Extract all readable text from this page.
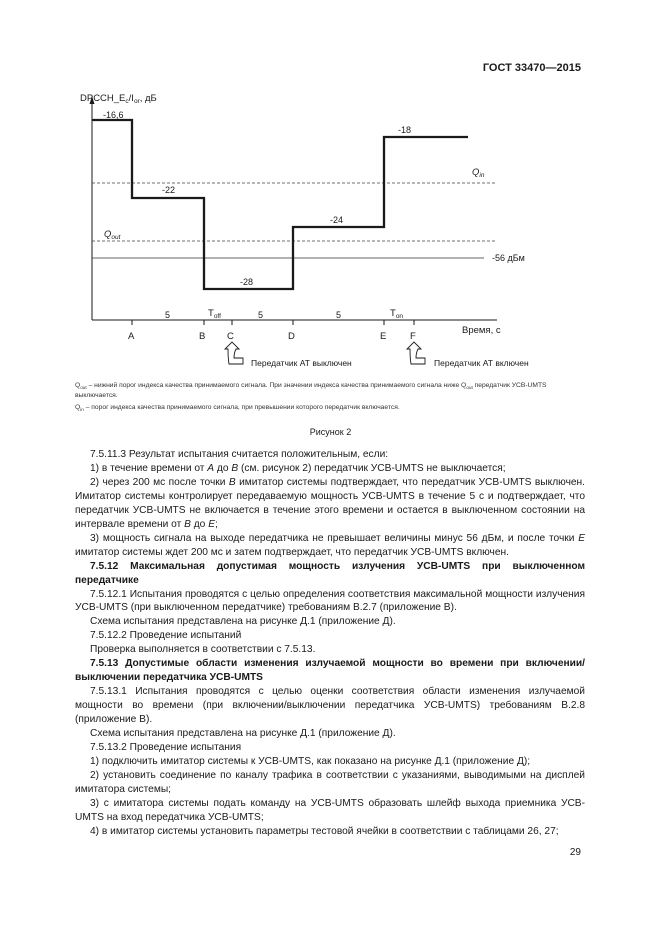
ГОСТ 33470—2015
$DPCCH\_E_c/I_{or}$, дБ
$Q_{in}$
$Q_{out}$
-56 дБм
-16,6
-22
-28
-24
-18
A	B C	D	E F
5	5	5
$T_{off}$	$T_{on}$
Время, с
Передатчик АТ выключен	Передатчик АТ включен

$Q_{out}$ – нижний порог индекса качества принимаемого сигнала. При значении индекса качества принимаемого сигнала ниже $Q_{out}$ передатчик УСВ-UMTS выключается.

$Q_{in}$ – порог индекса качества принимаемого сигнала, при превышении которого передатчик включается.

Рисунок 2

7.5.11.3 Результат испытания считается положительным, если:

1) в течение времени от А до В (см. рисунок 2) передатчик УСВ-UMTS не выключается;

2) через 200 мс после точки В имитатор системы подтверждает, что передатчик УСВ-UMTS выключен. Имитатор системы контролирует передаваемую мощность УСВ-UMTS в течение 5 с и подтверждает, что передатчик УСВ-UMTS не включается в течение этого времени и остается в выключенном состоянии на интервале времени от В до Е;

3) мощность сигнала на выходе передатчика не превышает величины минус 56 дБм, и после точки Е имитатор системы ждет 200 мс и затем подтверждает, что передатчик УСВ-UMTS включен.

7.5.12 Максимальная допустимая мощность излучения УСВ-UMTS при выключенном передатчике

7.5.12.1 Испытания проводятся с целью определения соответствия максимальной мощности излучения УСВ-UMTS (при выключенном передатчике) требованиям В.2.7 (приложение В).

Схема испытания представлена на рисунке Д.1 (приложение Д).

7.5.12.2 Проведение испытаний

Проверка выполняется в соответствии с 7.5.13.

7.5.13 Допустимые области изменения излучаемой мощности во времени при включении/выключении передатчика УСВ-UMTS

7.5.13.1 Испытания проводятся с целью оценки соответствия области изменения излучаемой мощности во времени (при включении/выключении передатчика УСВ-UMTS) требованиям В.2.8 (приложение В).

Схема испытания представлена на рисунке Д.1 (приложение Д).

7.5.13.2 Проведение испытания

1) подключить имитатор системы к УСВ-UMTS, как показано на рисунке Д.1 (приложение Д);

2) установить соединение по каналу трафика в соответствии с указаниями, выводимыми на дисплей имитатора системы;

3) с имитатора системы подать команду на УСВ-UMTS образовать шлейф выхода приемника УСВ-UMTS на вход передатчика УСВ-UMTS;

4) в имитатор системы установить параметры тестовой ячейки в соответствии с таблицами 26, 27;

29
